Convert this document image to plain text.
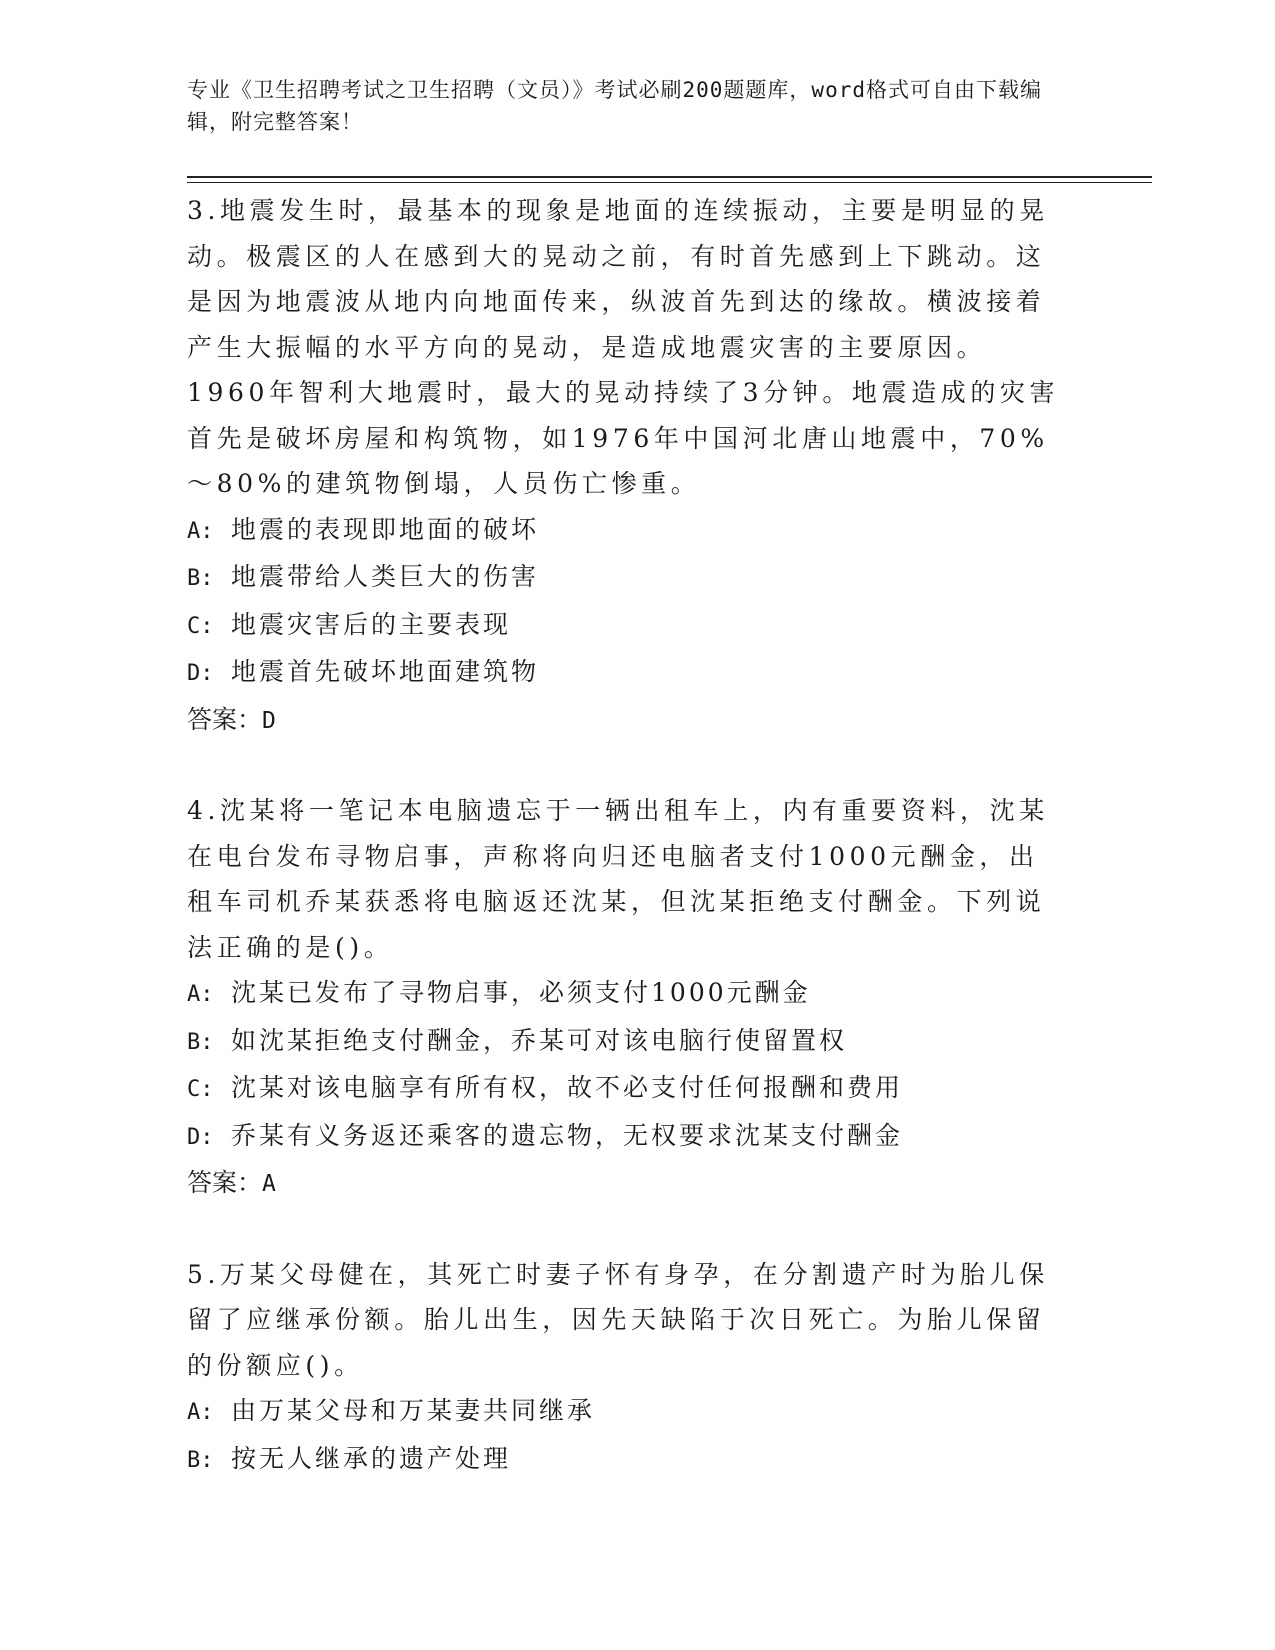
专业《卫生招聘考试之卫生招聘（文员）》考试必刷200题题库，word格式可自由下载编辑，附完整答案！

3.地震发生时，最基本的现象是地面的连续振动，主要是明显的晃动。极震区的人在感到大的晃动之前，有时首先感到上下跳动。这是因为地震波从地内向地面传来，纵波首先到达的缘故。横波接着产生大振幅的水平方向的晃动，是造成地震灾害的主要原因。1960年智利大地震时，最大的晃动持续了3分钟。地震造成的灾害首先是破坏房屋和构筑物，如1976年中国河北唐山地震中，70%～80%的建筑物倒塌，人员伤亡惨重。

A: 地震的表现即地面的破坏

B: 地震带给人类巨大的伤害

C: 地震灾害后的主要表现

D: 地震首先破坏地面建筑物

答案：D

4.沈某将一笔记本电脑遗忘于一辆出租车上，内有重要资料，沈某在电台发布寻物启事，声称将向归还电脑者支付1000元酬金，出租车司机乔某获悉将电脑返还沈某，但沈某拒绝支付酬金。下列说法正确的是()。

A: 沈某已发布了寻物启事，必须支付1000元酬金

B: 如沈某拒绝支付酬金，乔某可对该电脑行使留置权

C: 沈某对该电脑享有所有权，故不必支付任何报酬和费用

D: 乔某有义务返还乘客的遗忘物，无权要求沈某支付酬金

答案：A

5.万某父母健在，其死亡时妻子怀有身孕，在分割遗产时为胎儿保留了应继承份额。胎儿出生，因先天缺陷于次日死亡。为胎儿保留的份额应()。

A: 由万某父母和万某妻共同继承

B: 按无人继承的遗产处理
